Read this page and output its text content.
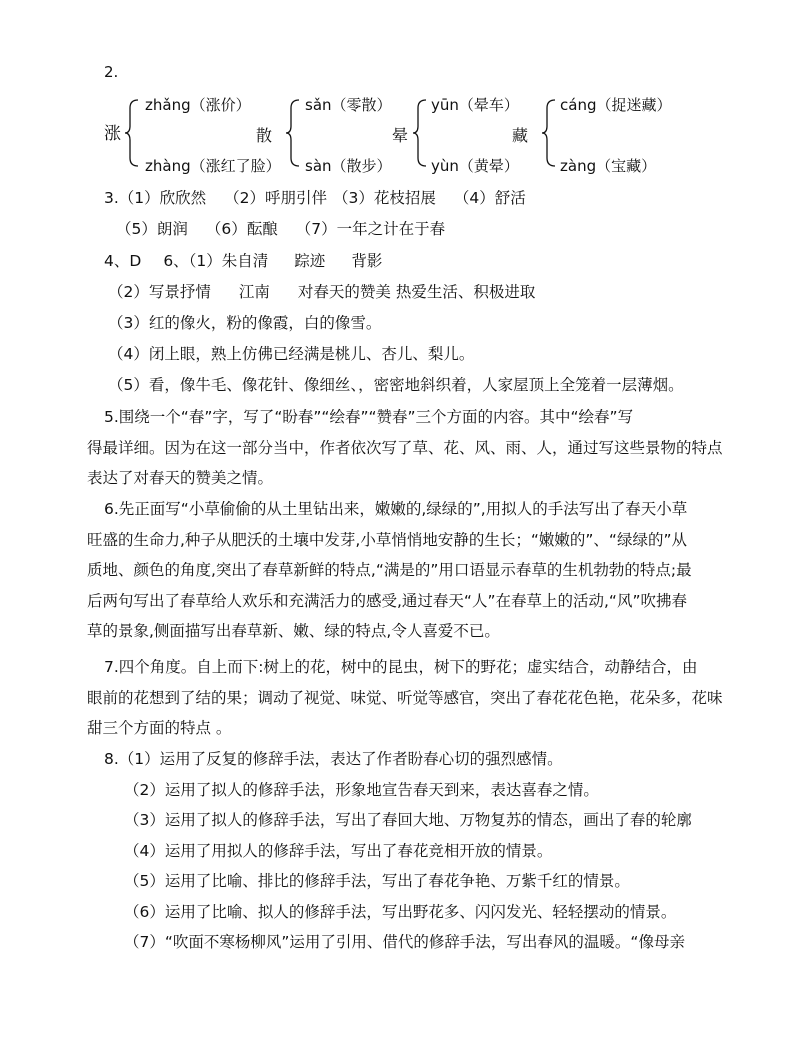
2.
涨
zhǎng（涨价）
zhàng（涨红了脸）
散
sǎn（零散）
sàn（散步）
晕
yūn（晕车）
yùn（黄晕）
藏
cáng（捉迷藏）
zàng（宝藏）
3.（1）欣欣然 （2）呼朋引伴 （3）花枝招展 （4）舒活
（5）朗润 （6）酝酿 （7）一年之计在于春
4、D 6、（1）朱自清 踪迹 背影
（2）写景抒情 江南 对春天的赞美 热爱生活、积极进取
（3）红的像火，粉的像霞，白的像雪。
（4）闭上眼，熟上仿佛已经满是桃儿、杏儿、梨儿。
（5）看，像牛毛、像花针、像细丝、，密密地斜织着，人家屋顶上全笼着一层薄烟。
5.围绕一个“春”字，写了“盼春”“绘春”“赞春”三个方面的内容。其中“绘春”写
得最详细。因为在这一部分当中，作者依次写了草、花、风、雨、人，通过写这些景物的特点
表达了对春天的赞美之情。
6.先正面写“小草偷偷的从土里钻出来，嫩嫩的,绿绿的”,用拟人的手法写出了春天小草
旺盛的生命力,种子从肥沃的土壤中发芽,小草悄悄地安静的生长；“嫩嫩的”、“绿绿的”从
质地、颜色的角度,突出了春草新鲜的特点,“满是的”用口语显示春草的生机勃勃的特点;最
后两句写出了春草给人欢乐和充满活力的感受,通过春天“人”在春草上的活动,“风”吹拂春
草的景象,侧面描写出春草新、嫩、绿的特点,令人喜爱不已。
7.四个角度。自上而下:树上的花，树中的昆虫，树下的野花；虚实结合，动静结合，由
眼前的花想到了结的果；调动了视觉、味觉、听觉等感官，突出了春花花色艳，花朵多，花味
甜三个方面的特点 。
8.（1）运用了反复的修辞手法，表达了作者盼春心切的强烈感情。
（2）运用了拟人的修辞手法，形象地宣告春天到来，表达喜春之情。
（3）运用了拟人的修辞手法，写出了春回大地、万物复苏的情态，画出了春的轮廓
（4）运用了用拟人的修辞手法，写出了春花竞相开放的情景。
（5）运用了比喻、排比的修辞手法，写出了春花争艳、万紫千红的情景。
（6）运用了比喻、拟人的修辞手法，写出野花多、闪闪发光、轻轻摆动的情景。
（7）“吹面不寒杨柳风”运用了引用、借代的修辞手法，写出春风的温暖。“像母亲
